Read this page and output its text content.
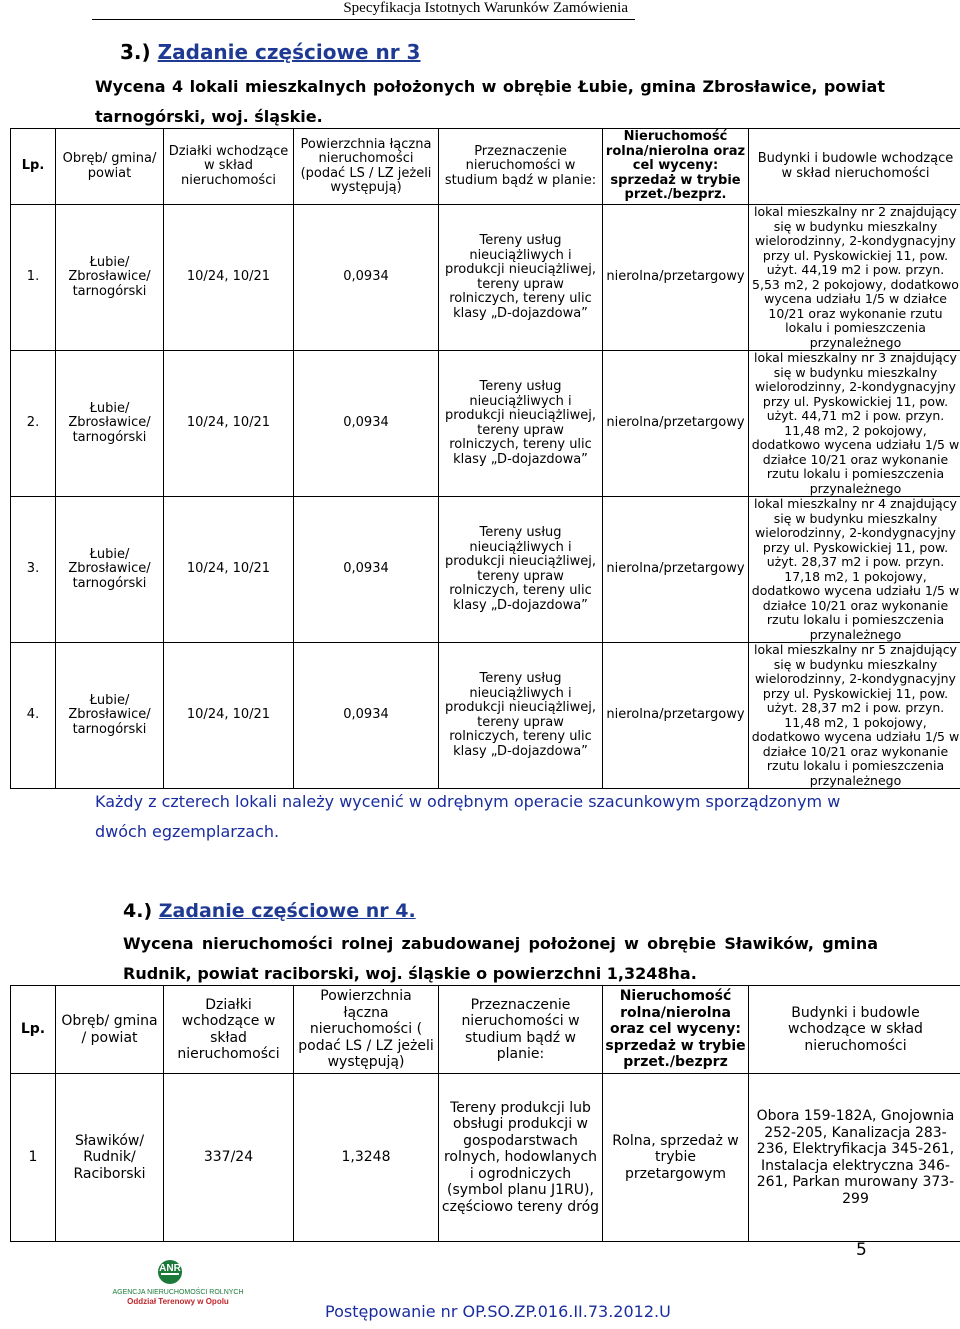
Specyfikacja Istotnych Warunków Zamówienia
3.) Zadanie częściowe nr 3
Wycena 4 lokali mieszkalnych położonych w obrębie Łubie, gmina Zbrosławice, powiat tarnogórski, woj. śląskie.
Lp.	Obręb/ gmina/ powiat	Działki wchodzące w skład nieruchomości	Powierzchnia łączna nieruchomości (podać LS / LZ jeżeli występują)	Przeznaczenie nieruchomości w studium bądź w planie:	Nieruchomość rolna/nierolna oraz cel wyceny: sprzedaż w trybie przet./bezprz.	Budynki i budowle wchodzące w skład nieruchomości
1.	Łubie/ Zbrosławice/ tarnogórski	10/24, 10/21	0,0934	Tereny usług nieuciążliwych i produkcji nieuciążliwej, tereny upraw rolniczych, tereny ulic klasy „D-dojazdowa”	nierolna/przetargowy	lokal mieszkalny nr 2 znajdujący się w budynku mieszkalny wielorodzinny, 2-kondygnacyjny przy ul. Pyskowickiej 11, pow. użyt. 44,19 m2 i pow. przyn. 5,53 m2, 2 pokojowy, dodatkowo wycena udziału 1/5 w działce 10/21 oraz wykonanie rzutu lokalu i pomieszczenia przynależnego
2.	Łubie/ Zbrosławice/ tarnogórski	10/24, 10/21	0,0934	Tereny usług nieuciążliwych i produkcji nieuciążliwej, tereny upraw rolniczych, tereny ulic klasy „D-dojazdowa”	nierolna/przetargowy	lokal mieszkalny nr 3 znajdujący się w budynku mieszkalny wielorodzinny, 2-kondygnacyjny przy ul. Pyskowickiej 11, pow. użyt. 44,71 m2 i pow. przyn. 11,48 m2, 2 pokojowy, dodatkowo wycena udziału 1/5 w działce 10/21 oraz wykonanie rzutu lokalu i pomieszczenia przynależnego
3.	Łubie/ Zbrosławice/ tarnogórski	10/24, 10/21	0,0934	Tereny usług nieuciążliwych i produkcji nieuciążliwej, tereny upraw rolniczych, tereny ulic klasy „D-dojazdowa”	nierolna/przetargowy	lokal mieszkalny nr 4 znajdujący się w budynku mieszkalny wielorodzinny, 2-kondygnacyjny przy ul. Pyskowickiej 11, pow. użyt. 28,37 m2 i pow. przyn. 17,18 m2, 1 pokojowy, dodatkowo wycena udziału 1/5 w działce 10/21 oraz wykonanie rzutu lokalu i pomieszczenia przynależnego
4.	Łubie/ Zbrosławice/ tarnogórski	10/24, 10/21	0,0934	Tereny usług nieuciążliwych i produkcji nieuciążliwej, tereny upraw rolniczych, tereny ulic klasy „D-dojazdowa”	nierolna/przetargowy	lokal mieszkalny nr 5 znajdujący się w budynku mieszkalny wielorodzinny, 2-kondygnacyjny przy ul. Pyskowickiej 11, pow. użyt. 28,37 m2 i pow. przyn. 11,48 m2, 1 pokojowy, dodatkowo wycena udziału 1/5 w działce 10/21 oraz wykonanie rzutu lokalu i pomieszczenia przynależnego
Każdy z czterech lokali należy wycenić w odrębnym operacie szacunkowym sporządzonym w dwóch egzemplarzach.
4.) Zadanie częściowe nr 4.
Wycena nieruchomości rolnej zabudowanej położonej w obrębie Sławików, gmina Rudnik, powiat raciborski, woj. śląskie o powierzchni 1,3248ha.
Lp.	Obręb/ gmina / powiat	Działki wchodzące w skład nieruchomości	Powierzchnia łączna nieruchomości ( podać LS / LZ jeżeli występują)	Przeznaczenie nieruchomości w studium bądź w planie:	Nieruchomość rolna/nierolna oraz cel wyceny: sprzedaż w trybie przet./bezprz	Budynki i budowle wchodzące w skład nieruchomości
1	Sławików/ Rudnik/ Raciborski	337/24	1,3248	Tereny produkcji lub obsługi produkcji w gospodarstwach rolnych, hodowlanych i ogrodniczych (symbol planu J1RU), częściowo tereny dróg	Rolna, sprzedaż w trybie przetargowym	Obora 159-182A, Gnojownia 252-205, Kanalizacja 283-236, Elektryfikacja 345-261, Instalacja elektryczna 346-261, Parkan murowany 373-299
5
ANR
AGENCJA NIERUCHOMOŚCI ROLNYCH
Oddział Terenowy w Opolu
Postępowanie nr OP.SO.ZP.016.II.73.2012.U
